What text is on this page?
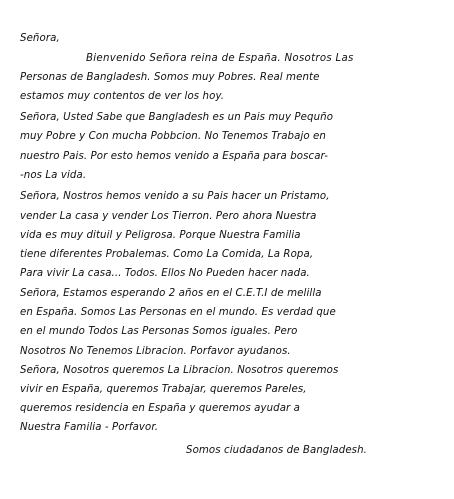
Señora,
Bienvenido Señora reina de España. Nosotros Las
Personas de Bangladesh. Somos muy Pobres. Real mente
estamos muy contentos de ver los hoy.
Señora, Usted Sabe que Bangladesh es un Pais muy Pequño
muy Pobre y Con mucha Pobbcion. No Tenemos Trabajo en
nuestro Pais. Por esto hemos venido a España para boscar-
-nos La vida.
Señora, Nostros hemos venido a su Pais hacer un Pristamo,
vender La casa y vender Los Tierron. Pero ahora Nuestra
vida es muy dituil y Peligrosa. Porque Nuestra Familia
tiene diferentes Probalemas. Como La Comida, La Ropa,
Para vivir La casa... Todos. Ellos No Pueden hacer nada.
Señora, Estamos esperando 2 años en el C.E.T.I de melilla
en España. Somos Las Personas en el mundo. Es verdad que
en el mundo Todos Las Personas Somos iguales. Pero
Nosotros No Tenemos Libracion. Porfavor ayudanos.
Señora, Nosotros queremos La Libracion. Nosotros queremos
vivir en España, queremos Trabajar, queremos Pareles,
queremos residencia en España y queremos ayudar a
Nuestra Familia - Porfavor.
Somos ciudadanos de Bangladesh.
